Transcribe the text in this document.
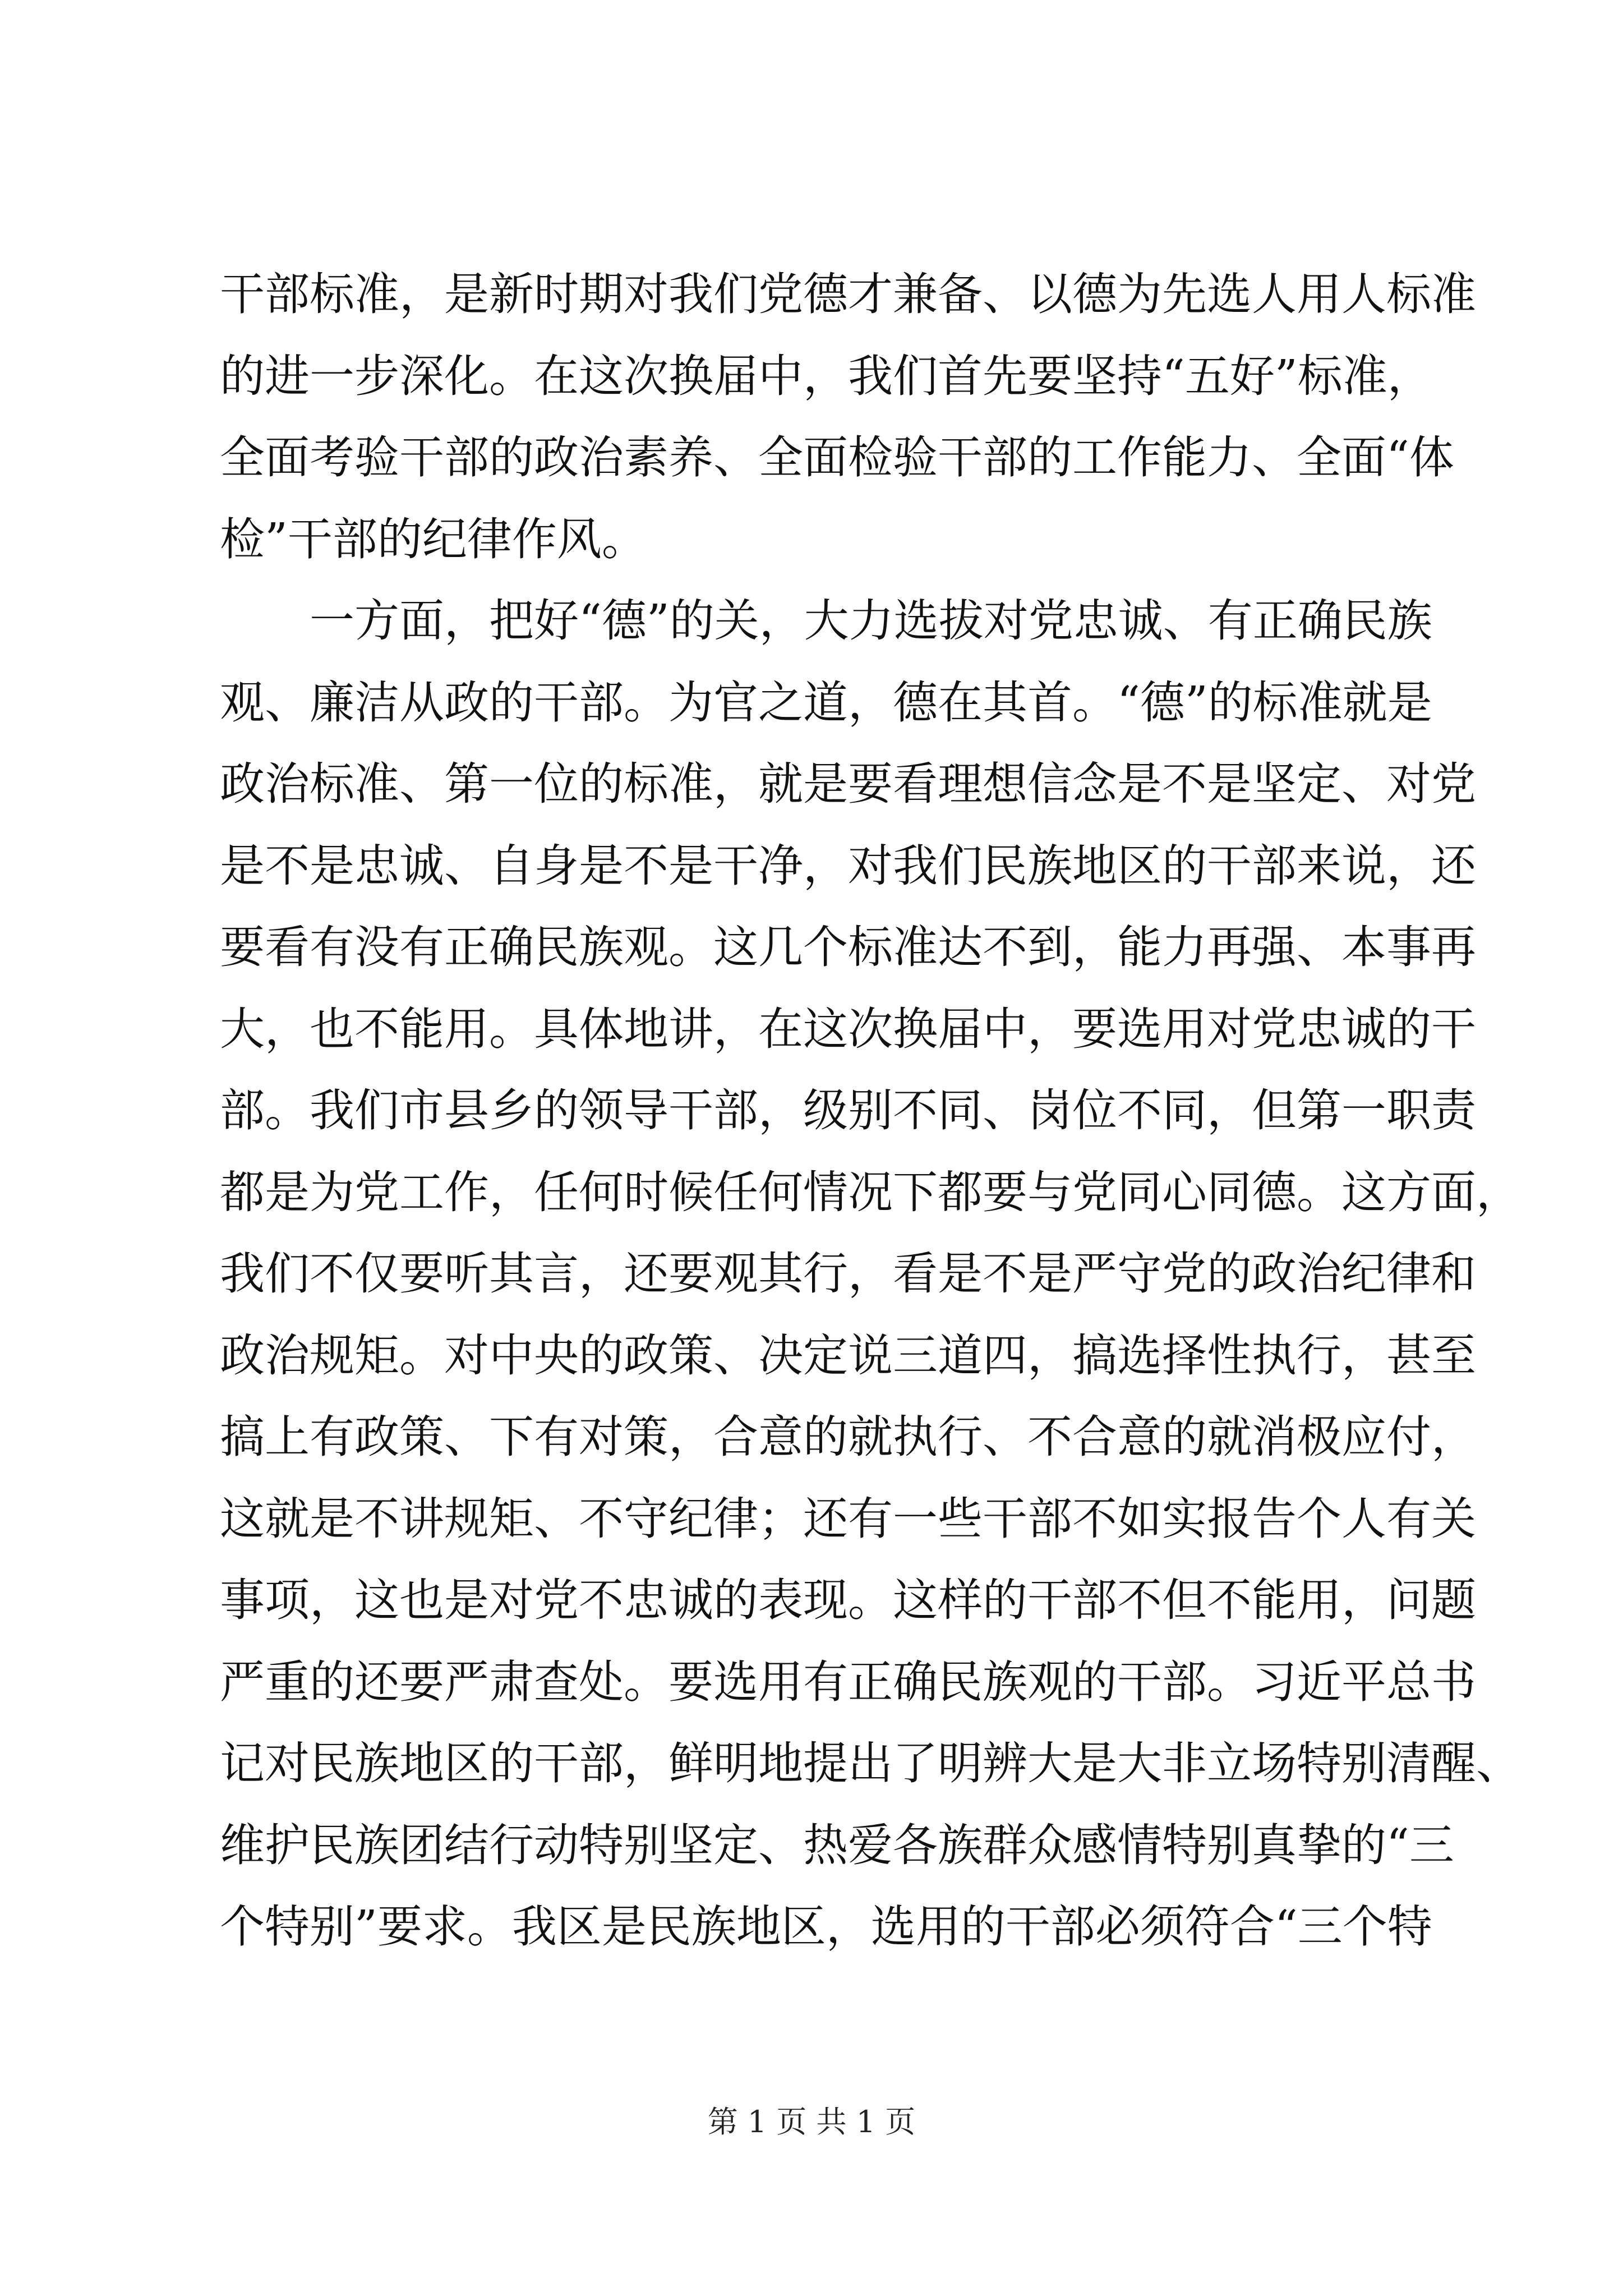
干部标准，是新时期对我们党德才兼备、以德为先选人用人标准
的进一步深化。在这次换届中，我们首先要坚持“五好”标准，
全面考验干部的政治素养、全面检验干部的工作能力、全面“体
检”干部的纪律作风。
一方面，把好“德”的关，大力选拔对党忠诚、有正确民族
观、廉洁从政的干部。为官之道，德在其首。“德”的标准就是
政治标准、第一位的标准，就是要看理想信念是不是坚定、对党
是不是忠诚、自身是不是干净，对我们民族地区的干部来说，还
要看有没有正确民族观。这几个标准达不到，能力再强、本事再
大，也不能用。具体地讲，在这次换届中，要选用对党忠诚的干
部。我们市县乡的领导干部，级别不同、岗位不同，但第一职责
都是为党工作，任何时候任何情况下都要与党同心同德。这方面，
我们不仅要听其言，还要观其行，看是不是严守党的政治纪律和
政治规矩。对中央的政策、决定说三道四，搞选择性执行，甚至
搞上有政策、下有对策，合意的就执行、不合意的就消极应付，
这就是不讲规矩、不守纪律；还有一些干部不如实报告个人有关
事项，这也是对党不忠诚的表现。这样的干部不但不能用，问题
严重的还要严肃查处。要选用有正确民族观的干部。习近平总书
记对民族地区的干部，鲜明地提出了明辨大是大非立场特别清醒、
维护民族团结行动特别坚定、热爱各族群众感情特别真挚的“三
个特别”要求。我区是民族地区，选用的干部必须符合“三个特
第 1 页 共 1 页
